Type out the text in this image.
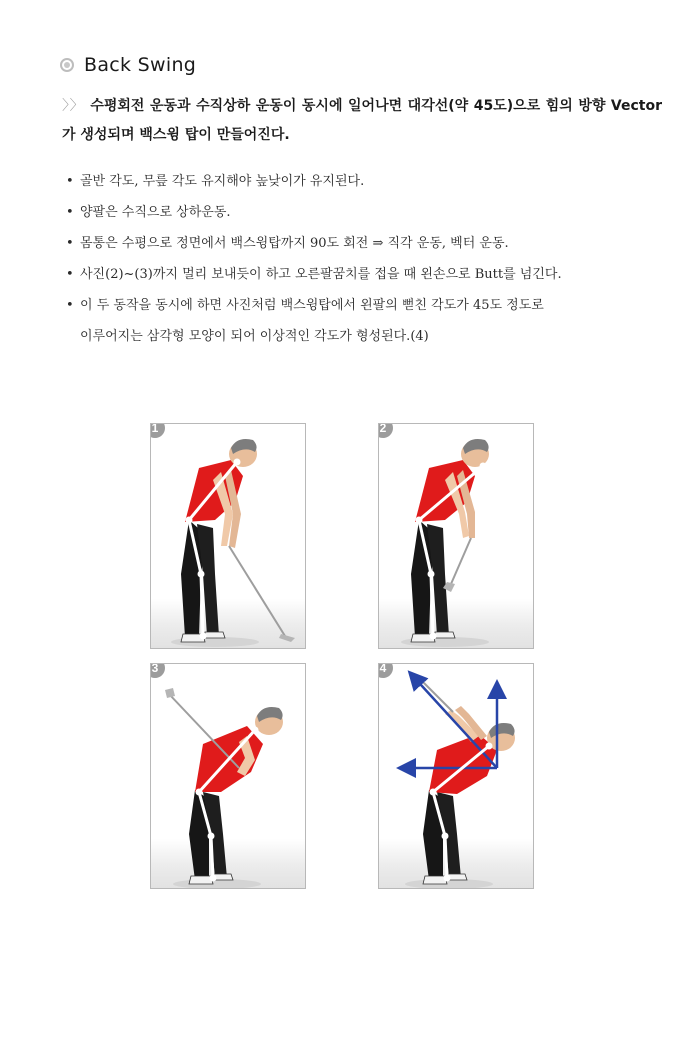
Back Swing
〉〉 수평회전 운동과 수직상하 운동이 동시에 일어나면 대각선(약 45도)으로 힘의 방향 Vector가 생성되며 백스윙 탑이 만들어진다.
• 골반 각도, 무릎 각도 유지해야 높낮이가 유지된다.
• 양팔은 수직으로 상하운동.
• 몸통은 수평으로 정면에서 백스윙탑까지 90도 회전 ⇒ 직각 운동, 벡터 운동.
• 사진(2)~(3)까지 멀리 보내듯이 하고 오른팔꿈치를 접을 때 왼손으로 Butt를 넘긴다.
• 이 두 동작을 동시에 하면 사진처럼 백스윙탑에서 왼팔의 뻗친 각도가 45도 정도로
이루어지는 삼각형 모양이 되어 이상적인 각도가 형성된다.(4)
1	2
3	4
